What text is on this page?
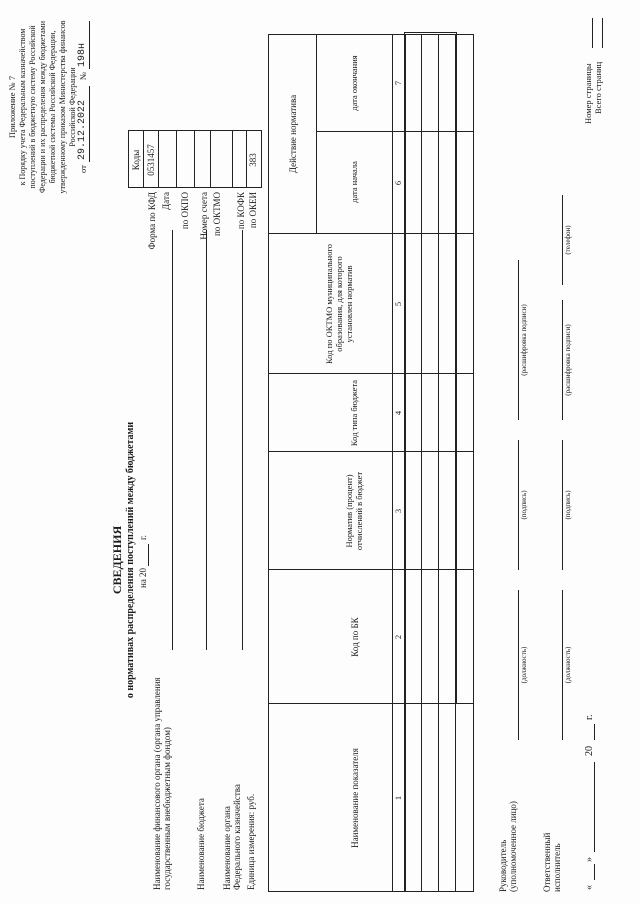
Приложение № 7 к Порядку учета Федеральным казначейством поступлений в бюджетную систему Российской Федерации и их распределения между бюджетами бюджетной системы Российской Федерации, утвержденному приказом Министерства финансов Российской Федерации
от
29.12.2022
№
198н
СВЕДЕНИЯ о нормативах распределения поступлений между бюджетами на 20
г.
Наименование финансового органа (органа управления государственным внебюджетным фондом)	Наименование бюджета Наименование органа Федерального казначейства Единица измерения: руб.
Форма по КФД Дата по ОКПО Номер счета по ОКТМО по КОФК по ОКЕИ
Коды 0531457	383
Наименование показателя
Код по БК
Норматив (процент) отчислений в бюджет
Код типа бюджета
Код по ОКТМО муниципального образования, для которого установлен норматив
Действие норматива
дата начала
дата окончания
1
2
3
4
5
6
7
Руководитель (уполномоченное лицо)
(должность)
(подпись)
(расшифровка подписи)
Ответственный исполнитель
(должность)
(подпись)
(расшифровка подписи)
(телефон)
«
»
20
г.
Номер страницы Всего страниц
